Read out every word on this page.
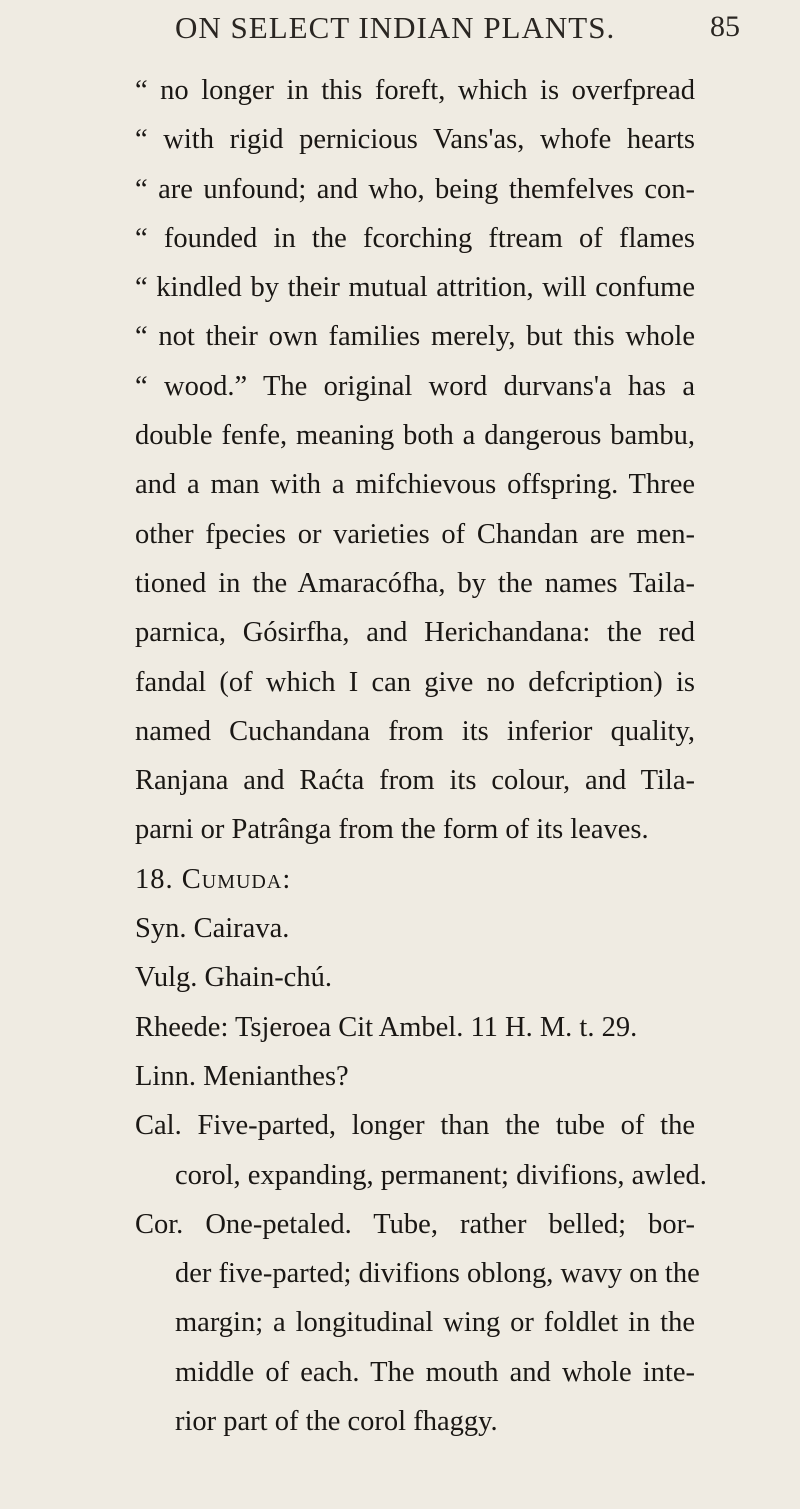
ON SELECT INDIAN PLANTS.	85
“ no longer in this foreft, which is overfpread
“ with rigid pernicious Vans'as, whofe hearts
“ are unfound; and who, being themfelves con-
“ founded in the fcorching ftream of flames
“ kindled by their mutual attrition, will confume
“ not their own families merely, but this whole
“ wood.” The original word durvans'a has a
double fenfe, meaning both a dangerous bambu,
and a man with a mifchievous offspring. Three
other fpecies or varieties of Chandan are men-
tioned in the Amaracófha, by the names Taila-
parnica, Gósirfha, and Herichandana: the red
fandal (of which I can give no defcription) is
named Cuchandana from its inferior quality,
Ranjana and Raćta from its colour, and Tila-
parni or Patrânga from the form of its leaves.
18. Cumuda:
Syn. Cairava.
Vulg. Ghain-chú.
Rheede: Tsjeroea Cit Ambel. 11 H. M. t. 29.
Linn. Menianthes?
Cal. Five-parted, longer than the tube of the
corol, expanding, permanent; divifions, awled.
Cor. One-petaled. Tube, rather belled; bor-
der five-parted; divifions oblong, wavy on the
margin; a longitudinal wing or foldlet in the
middle of each. The mouth and whole inte-
rior part of the corol fhaggy.
